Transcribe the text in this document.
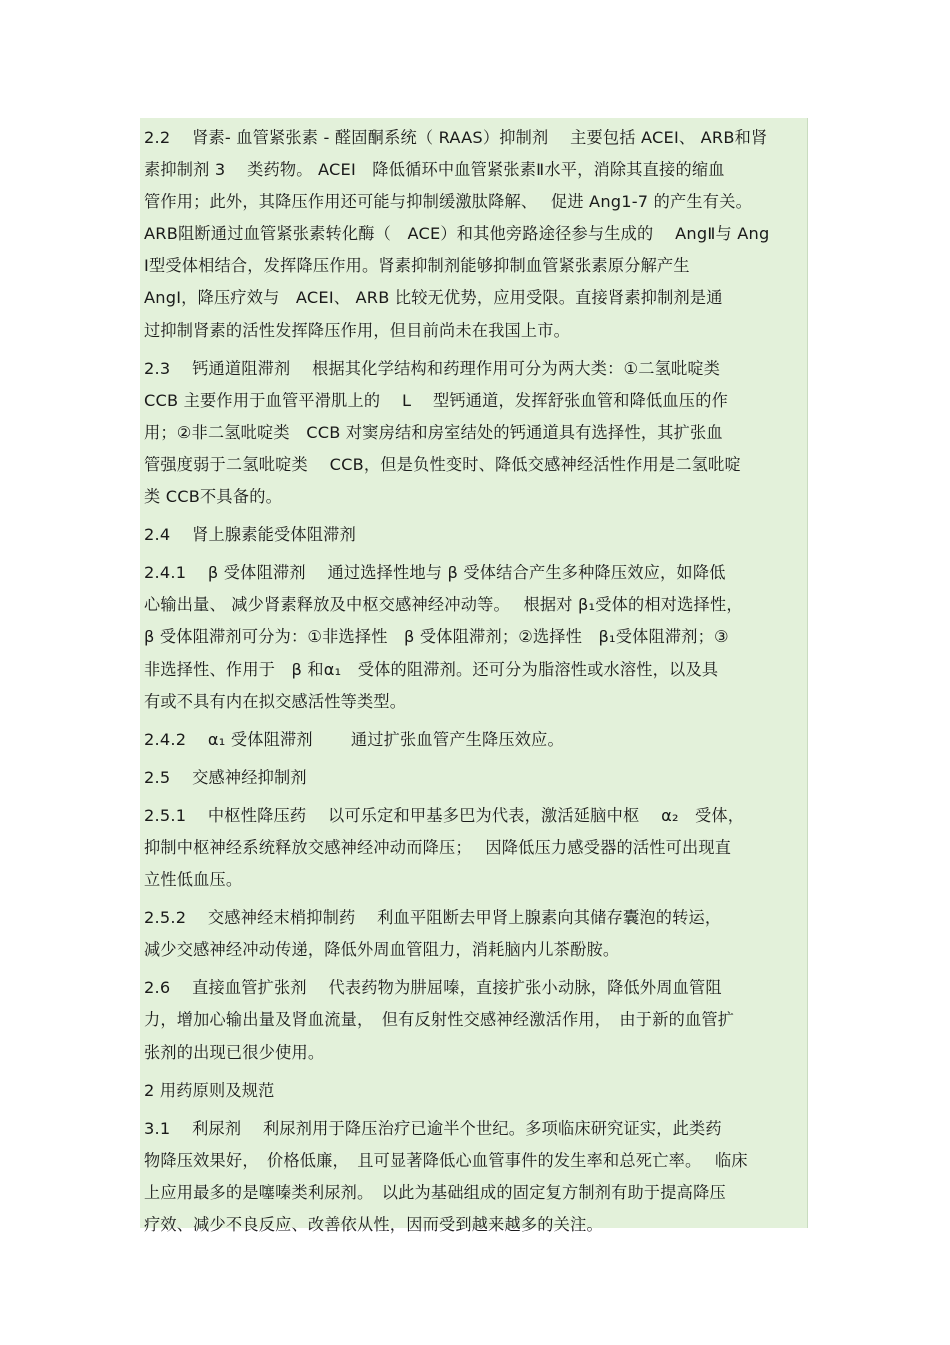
2.2　 肾素- 血管紧张素 - 醛固酮系统（ RAAS）抑制剂　 主要包括 ACEI、 ARB和肾
素抑制剂 3　 类药物。 ACEI　降低循环中血管紧张素Ⅱ水平，消除其直接的缩血
管作用；此外，其降压作用还可能与抑制缓激肽降解、　 促进 Ang1-7 的产生有关。
ARB阻断通过血管紧张素转化酶（　ACE）和其他旁路途径参与生成的　 AngⅡ与 Ang
Ⅰ型受体相结合，发挥降压作用。肾素抑制剂能够抑制血管紧张素原分解产生
AngⅠ，降压疗效与　ACEI、 ARB 比较无优势，应用受限。直接肾素抑制剂是通
过抑制肾素的活性发挥降压作用，但目前尚未在我国上市。
2.3　 钙通道阻滞剂　 根据其化学结构和药理作用可分为两大类：①二氢吡啶类
CCB 主要作用于血管平滑肌上的　 L　 型钙通道，发挥舒张血管和降低血压的作
用；②非二氢吡啶类　CCB 对窦房结和房室结处的钙通道具有选择性，其扩张血
管强度弱于二氢吡啶类　 CCB，但是负性变时、降低交感神经活性作用是二氢吡啶
类 CCB不具备的。
2.4　 肾上腺素能受体阻滞剂
2.4.1　 β 受体阻滞剂　 通过选择性地与 β 受体结合产生多种降压效应，如降低
心输出量、 减少肾素释放及中枢交感神经冲动等。　 根据对 β₁受体的相对选择性，
β 受体阻滞剂可分为：①非选择性　β 受体阻滞剂；②选择性　β₁受体阻滞剂；③
非选择性、作用于　β 和α₁　受体的阻滞剂。还可分为脂溶性或水溶性，以及具
有或不具有内在拟交感活性等类型。
2.4.2　 α₁ 受体阻滞剂　　 通过扩张血管产生降压效应。
2.5　 交感神经抑制剂
2.5.1　 中枢性降压药　 以可乐定和甲基多巴为代表，激活延脑中枢　 α₂　受体，
抑制中枢神经系统释放交感神经冲动而降压；　 因降低压力感受器的活性可出现直
立性低血压。
2.5.2　 交感神经末梢抑制药　 利血平阻断去甲肾上腺素向其储存囊泡的转运，
减少交感神经冲动传递，降低外周血管阻力，消耗脑内儿茶酚胺。
2.6　 直接血管扩张剂　 代表药物为肼屈嗪，直接扩张小动脉，降低外周血管阻
力，增加心输出量及肾血流量，　但有反射性交感神经激活作用，　由于新的血管扩
张剂的出现已很少使用。
2 用药原则及规范
3.1　 利尿剂　 利尿剂用于降压治疗已逾半个世纪。多项临床研究证实，此类药
物降压效果好，　价格低廉，　且可显著降低心血管事件的发生率和总死亡率。　 临床
上应用最多的是噻嗪类利尿剂。　以此为基础组成的固定复方制剂有助于提高降压
疗效、减少不良反应、改善依从性，因而受到越来越多的关注。
